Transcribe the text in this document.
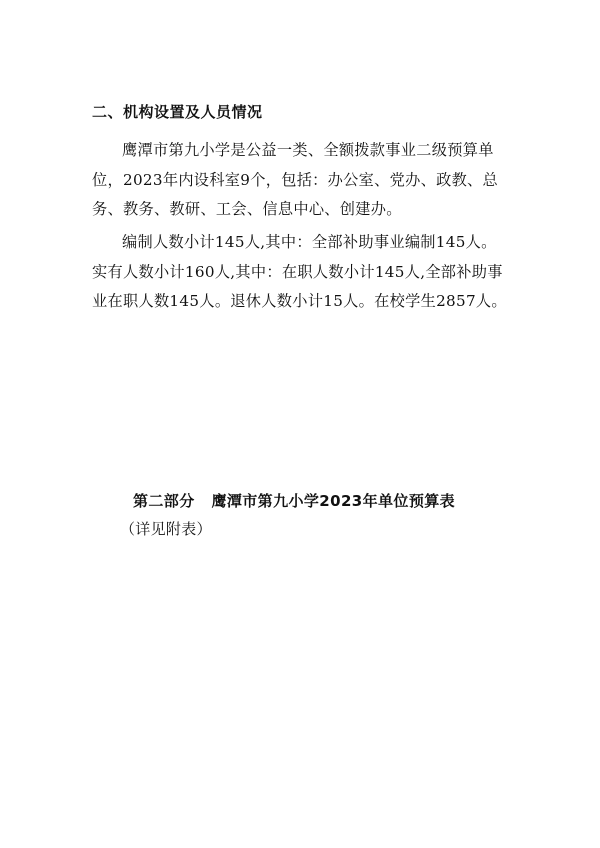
二、机构设置及人员情况

鹰潭市第九小学是公益一类、全额拨款事业二级预算单位，2023年内设科室9个，包括：办公室、党办、政教、总务、教务、教研、工会、信息中心、创建办。

编制人数小计145人,其中：全部补助事业编制145人。实有人数小计160人,其中：在职人数小计145人,全部补助事业在职人数145人。退休人数小计15人。在校学生2857人。

第二部分 鹰潭市第九小学2023年单位预算表
（详见附表）
